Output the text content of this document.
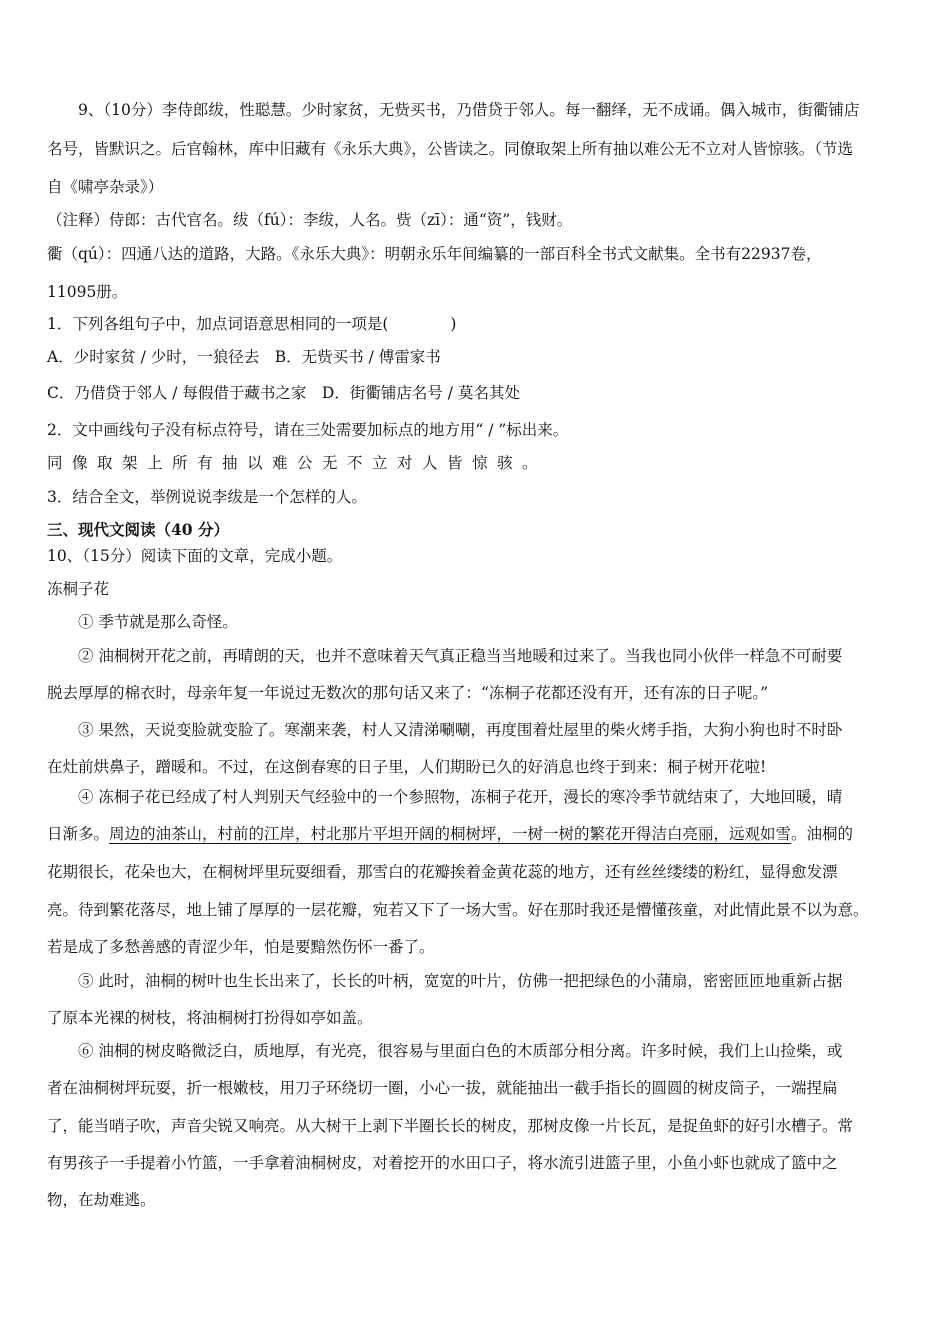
9、（10分）李侍郎绂，性聪慧。少时家贫，无赀买书，乃借贷于邻人。每一翻绎，无不成诵。偶入城市，街衢铺店
名号，皆默识之。后官翰林，库中旧藏有《永乐大典》，公皆读之。同僚取架上所有抽以难公无不立对人皆惊骇。（节选
自《啸亭杂录》）
（注释）侍郎：古代官名。绂（fú）：李绂，人名。赀（zī）：通“资”，钱财。
衢（qú）：四通八达的道路，大路。《永乐大典》：明朝永乐年间编纂的一部百科全书式文献集。全书有22937卷，
11095册。
1．下列各组句子中，加点词语意思相同的一项是(　　　　)
A．少时家贫 / 少时，一狼径去　B．无赀买书 / 傅雷家书
C．乃借贷于邻人 / 每假借于藏书之家　D．街衢铺店名号 / 莫名其处
2．文中画线句子没有标点符号，请在三处需要加标点的地方用“ / ”标出来。
同像取架上所有抽以难公无不立对人皆惊骇。
3．结合全文，举例说说李绂是一个怎样的人。
三、现代文阅读（40 分）
10、（15分）阅读下面的文章，完成小题。
冻桐子花
① 季节就是那么奇怪。
② 油桐树开花之前，再晴朗的天，也并不意味着天气真正稳当当地暖和过来了。当我也同小伙伴一样急不可耐要
脱去厚厚的棉衣时，母亲年复一年说过无数次的那句话又来了：“冻桐子花都还没有开，还有冻的日子呢。”
③ 果然，天说变脸就变脸了。寒潮来袭，村人又清涕唰唰，再度围着灶屋里的柴火烤手指，大狗小狗也时不时卧
在灶前烘鼻子，蹭暖和。不过，在这倒春寒的日子里，人们期盼已久的好消息也终于到来：桐子树开花啦!
④ 冻桐子花已经成了村人判别天气经验中的一个参照物，冻桐子花开，漫长的寒冷季节就结束了，大地回暖，晴
日渐多。周边的油茶山，村前的江岸，村北那片平坦开阔的桐树坪，一树一树的繁花开得洁白亮丽，远观如雪。油桐的
花期很长，花朵也大，在桐树坪里玩耍细看，那雪白的花瓣挨着金黄花蕊的地方，还有丝丝缕缕的粉红，显得愈发漂
亮。待到繁花落尽，地上铺了厚厚的一层花瓣，宛若又下了一场大雪。好在那时我还是懵懂孩童，对此情此景不以为意。
若是成了多愁善感的青涩少年，怕是要黯然伤怀一番了。
⑤ 此时，油桐的树叶也生长出来了，长长的叶柄，宽宽的叶片，仿佛一把把绿色的小蒲扇，密密匝匝地重新占据
了原本光裸的树枝，将油桐树打扮得如亭如盖。
⑥ 油桐的树皮略微泛白，质地厚，有光亮，很容易与里面白色的木质部分相分离。许多时候，我们上山捡柴，或
者在油桐树坪玩耍，折一根嫩枝，用刀子环绕切一圈，小心一拔，就能抽出一截手指长的圆圆的树皮筒子，一端捏扁
了，能当哨子吹，声音尖锐又响亮。从大树干上剥下半圈长长的树皮，那树皮像一片长瓦，是捉鱼虾的好引水槽子。常
有男孩子一手提着小竹篮，一手拿着油桐树皮，对着挖开的水田口子，将水流引进篮子里，小鱼小虾也就成了篮中之
物，在劫难逃。
